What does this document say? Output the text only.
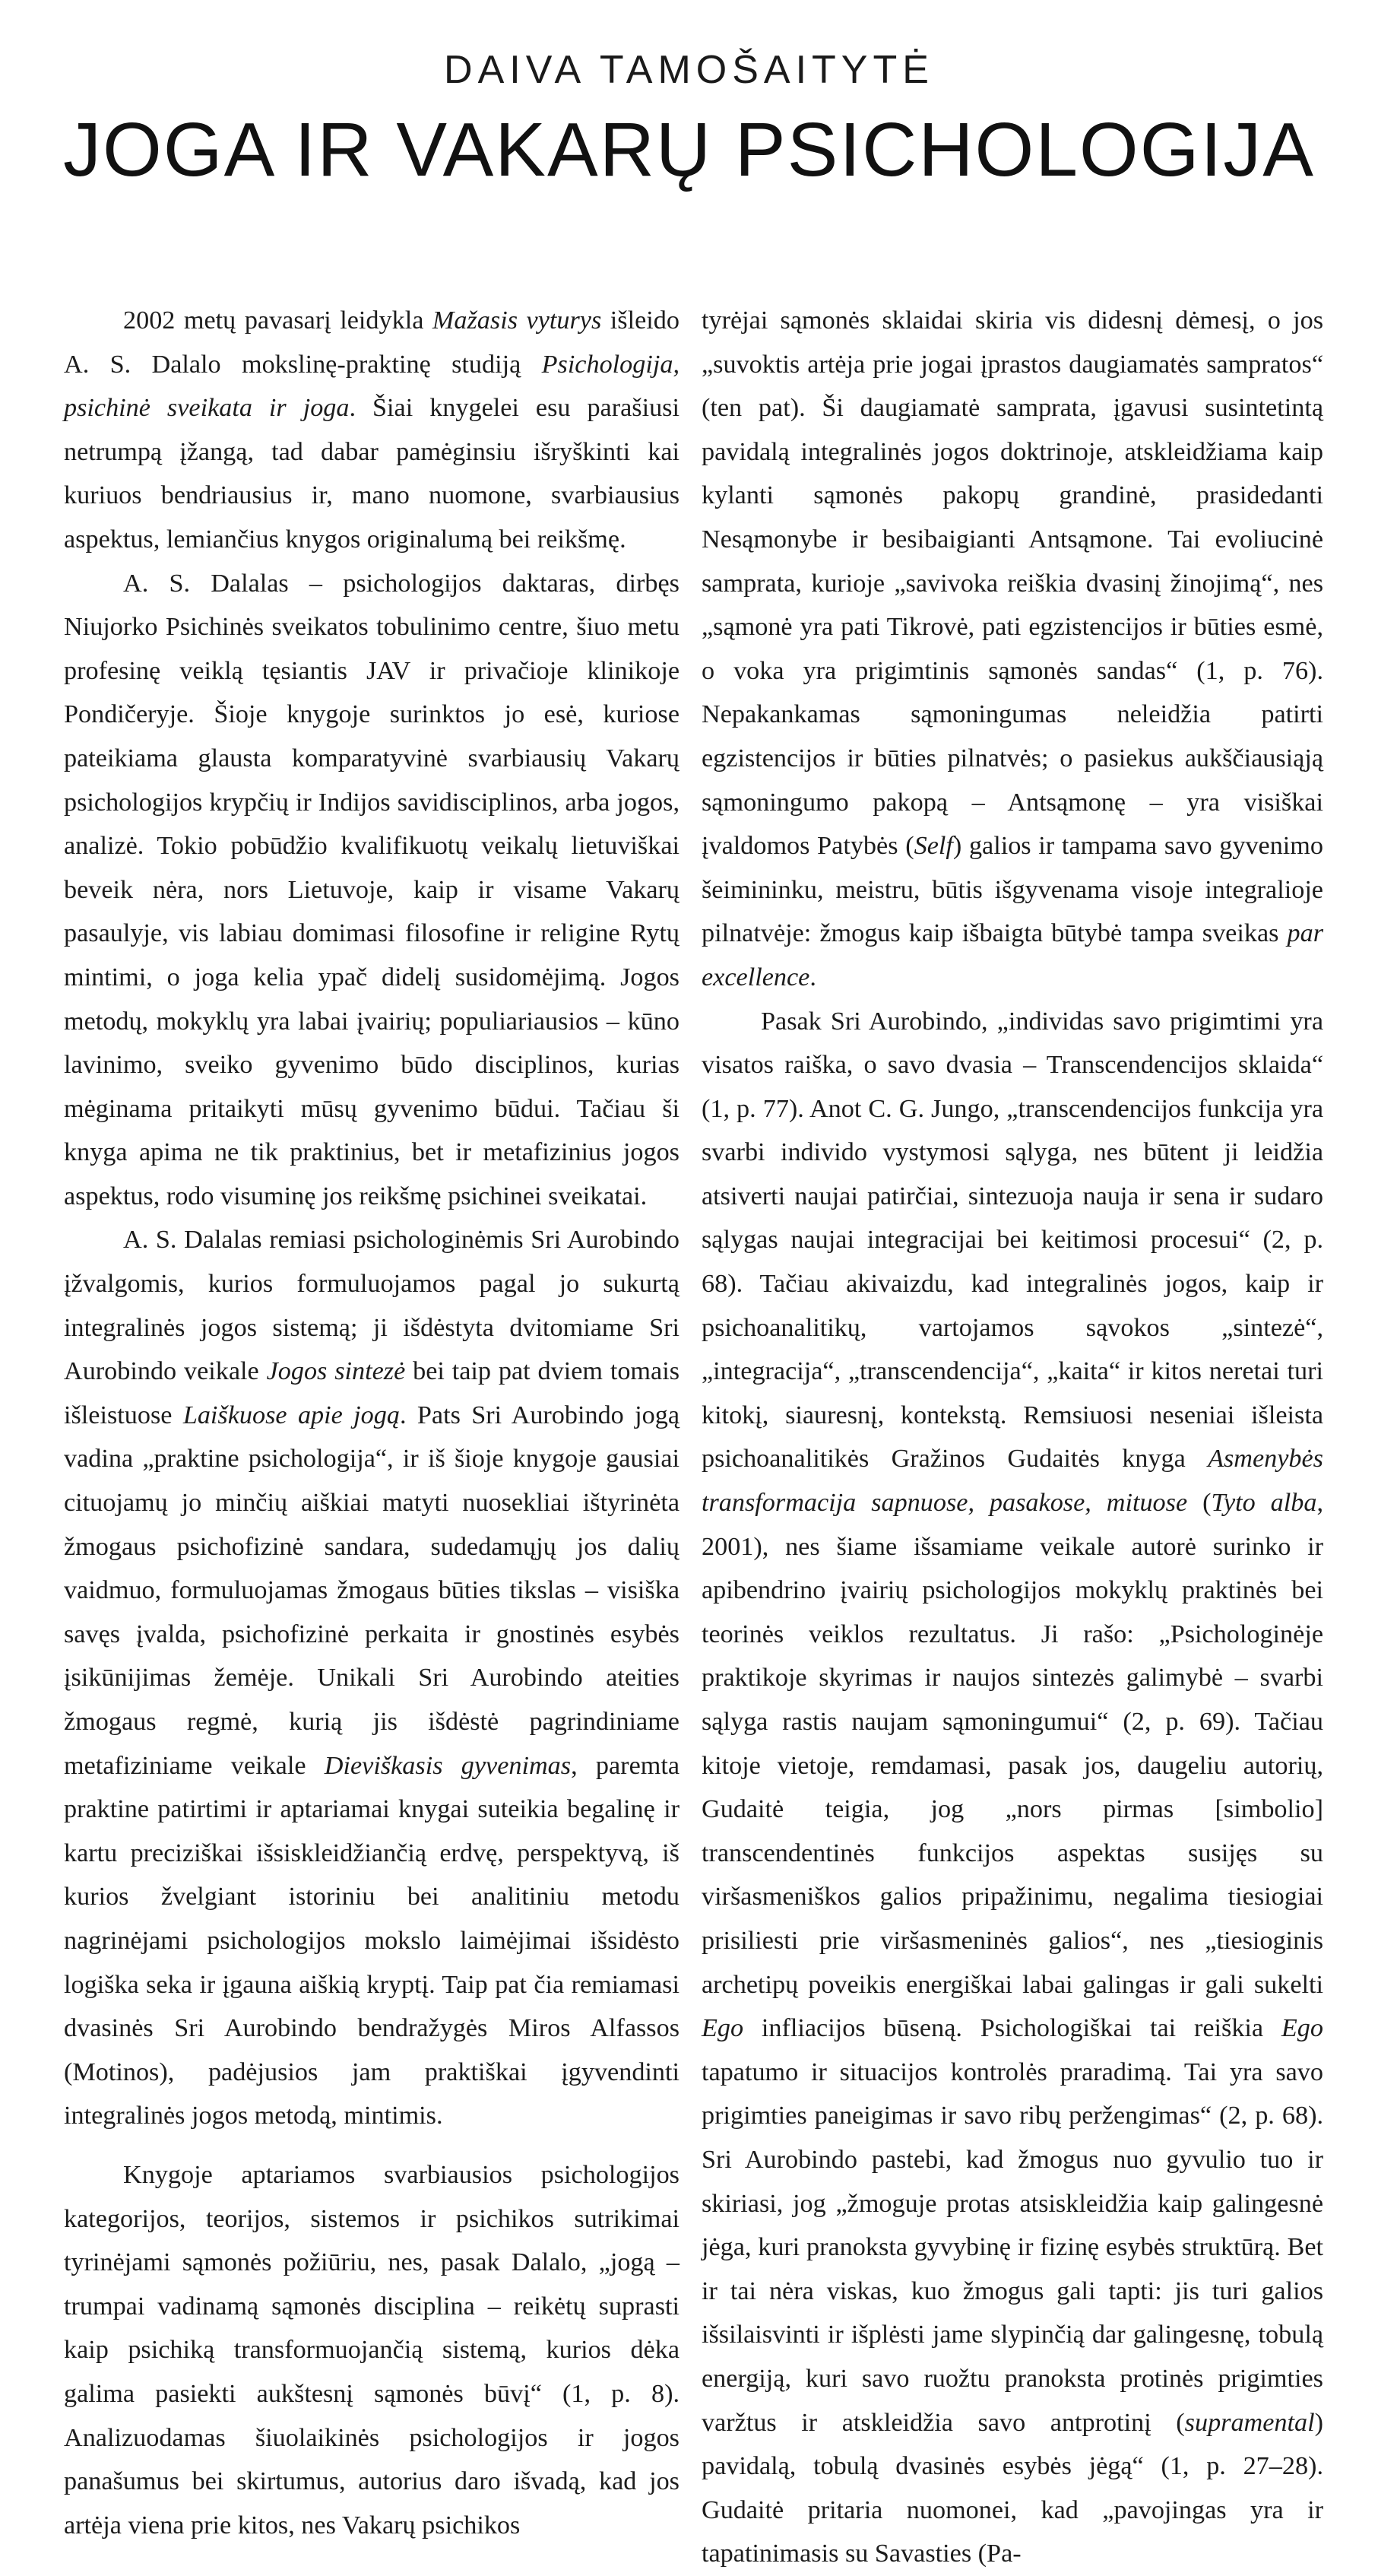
DAIVA TAMOŠAITYTĖ
JOGA IR VAKARŲ PSICHOLOGIJA

2002 metų pavasarį leidykla Mažasis vyturys išleido A. S. Dalalo mokslinę-praktinę studiją Psichologija, psichinė sveikata ir joga. Šiai knygelei esu parašiusi netrumpą įžangą, tad dabar pamėginsiu išryškinti kai kuriuos bendriausius ir, mano nuomone, svarbiausius aspektus, lemiančius knygos originalumą bei reikšmę.

A. S. Dalalas – psichologijos daktaras, dirbęs Niujorko Psichinės sveikatos tobulinimo centre, šiuo metu profesinę veiklą tęsiantis JAV ir privačioje klinikoje Pondičeryje. Šioje knygoje surinktos jo esė, kuriose pateikiama glausta komparatyvinė svarbiausių Vakarų psichologijos krypčių ir Indijos savidisciplinos, arba jogos, analizė. Tokio pobūdžio kvalifikuotų veikalų lietuviškai beveik nėra, nors Lietuvoje, kaip ir visame Vakarų pasaulyje, vis labiau domimasi filosofine ir religine Rytų mintimi, o joga kelia ypač didelį susidomėjimą. Jogos metodų, mokyklų yra labai įvairių; populiariausios – kūno lavinimo, sveiko gyvenimo būdo disciplinos, kurias mėginama pritaikyti mūsų gyvenimo būdui. Tačiau ši knyga apima ne tik praktinius, bet ir metafizinius jogos aspektus, rodo visuminę jos reikšmę psichinei sveikatai.

A. S. Dalalas remiasi psichologinėmis Sri Aurobindo įžvalgomis, kurios formuluojamos pagal jo sukurtą integralinės jogos sistemą; ji išdėstyta dvitomiame Sri Aurobindo veikale Jogos sintezė bei taip pat dviem tomais išleistuose Laiškuose apie jogą. Pats Sri Aurobindo jogą vadina „praktine psichologija“, ir iš šioje knygoje gausiai cituojamų jo minčių aiškiai matyti nuosekliai ištyrinėta žmogaus psichofizinė sandara, sudedamųjų jos dalių vaidmuo, formuluojamas žmogaus būties tikslas – visiška savęs įvalda, psichofizinė perkaita ir gnostinės esybės įsikūnijimas žemėje. Unikali Sri Aurobindo ateities žmogaus regmė, kurią jis išdėstė pagrindiniame metafiziniame veikale Dieviškasis gyvenimas, paremta praktine patirtimi ir aptariamai knygai suteikia begalinę ir kartu preciziškai išsiskleidžiančią erdvę, perspektyvą, iš kurios žvelgiant istoriniu bei analitiniu metodu nagrinėjami psichologijos mokslo laimėjimai išsidėsto logiška seka ir įgauna aiškią kryptį. Taip pat čia remiamasi dvasinės Sri Aurobindo bendražygės Miros Alfassos (Motinos), padėjusios jam praktiškai įgyvendinti integralinės jogos metodą, mintimis.

Knygoje aptariamos svarbiausios psichologijos kategorijos, teorijos, sistemos ir psichikos sutrikimai tyrinėjami sąmonės požiūriu, nes, pasak Dalalo, „jogą – trumpai vadinamą sąmonės disciplina – reikėtų suprasti kaip psichiką transformuojančią sistemą, kurios dėka galima pasiekti aukštesnį sąmonės būvį“ (1, p. 8). Analizuodamas šiuolaikinės psichologijos ir jogos panašumus bei skirtumus, autorius daro išvadą, kad jos artėja viena prie kitos, nes Vakarų psichikos

tyrėjai sąmonės sklaidai skiria vis didesnį dėmesį, o jos „suvoktis artėja prie jogai įprastos daugiamatės sampratos“ (ten pat). Ši daugiamatė samprata, įgavusi susintetintą pavidalą integralinės jogos doktrinoje, atskleidžiama kaip kylanti sąmonės pakopų grandinė, prasidedanti Nesąmonybe ir besibaigianti Antsąmone. Tai evoliucinė samprata, kurioje „savivoka reiškia dvasinį žinojimą“, nes „sąmonė yra pati Tikrovė, pati egzistencijos ir būties esmė, o voka yra prigimtinis sąmonės sandas“ (1, p. 76). Nepakankamas sąmoningumas neleidžia patirti egzistencijos ir būties pilnatvės; o pasiekus aukščiausiąją sąmoningumo pakopą – Antsąmonę – yra visiškai įvaldomos Patybės (Self) galios ir tampama savo gyvenimo šeimininku, meistru, būtis išgyvenama visoje integralioje pilnatvėje: žmogus kaip išbaigta būtybė tampa sveikas par excellence.

Pasak Sri Aurobindo, „individas savo prigimtimi yra visatos raiška, o savo dvasia – Transcendencijos sklaida“ (1, p. 77). Anot C. G. Jungo, „transcendencijos funkcija yra svarbi individo vystymosi sąlyga, nes būtent ji leidžia atsiverti naujai patirčiai, sintezuoja nauja ir sena ir sudaro sąlygas naujai integracijai bei keitimosi procesui“ (2, p. 68). Tačiau akivaizdu, kad integralinės jogos, kaip ir psichoanalitikų, vartojamos sąvokos „sintezė“, „integracija“, „transcendencija“, „kaita“ ir kitos neretai turi kitokį, siauresnį, kontekstą. Remsiuosi neseniai išleista psichoanalitikės Gražinos Gudaitės knyga Asmenybės transformacija sapnuose, pasakose, mituose (Tyto alba, 2001), nes šiame išsamiame veikale autorė surinko ir apibendrino įvairių psichologijos mokyklų praktinės bei teorinės veiklos rezultatus. Ji rašo: „Psichologinėje praktikoje skyrimas ir naujos sintezės galimybė – svarbi sąlyga rastis naujam sąmoningumui“ (2, p. 69). Tačiau kitoje vietoje, remdamasi, pasak jos, daugeliu autorių, Gudaitė teigia, jog „nors pirmas [simbolio] transcendentinės funkcijos aspektas susijęs su viršasmeniškos galios pripažinimu, negalima tiesiogiai prisiliesti prie viršasmeninės galios“, nes „tiesioginis archetipų poveikis energiškai labai galingas ir gali sukelti Ego infliacijos būseną. Psichologiškai tai reiškia Ego tapatumo ir situacijos kontrolės praradimą. Tai yra savo prigimties paneigimas ir savo ribų peržengimas“ (2, p. 68). Sri Aurobindo pastebi, kad žmogus nuo gyvulio tuo ir skiriasi, jog „žmoguje protas atsiskleidžia kaip galingesnė jėga, kuri pranoksta gyvybinę ir fizinę esybės struktūrą. Bet ir tai nėra viskas, kuo žmogus gali tapti: jis turi galios išsilaisvinti ir išplėsti jame slypinčią dar galingesnę, tobulą energiją, kuri savo ruožtu pranoksta protinės prigimties varžtus ir atskleidžia savo antprotinį (supramental) pavidalą, tobulą dvasinės esybės jėgą“ (1, p. 27–28). Gudaitė pritaria nuomonei, kad „pavojingas yra ir tapatinimasis su Savasties (Pa-
